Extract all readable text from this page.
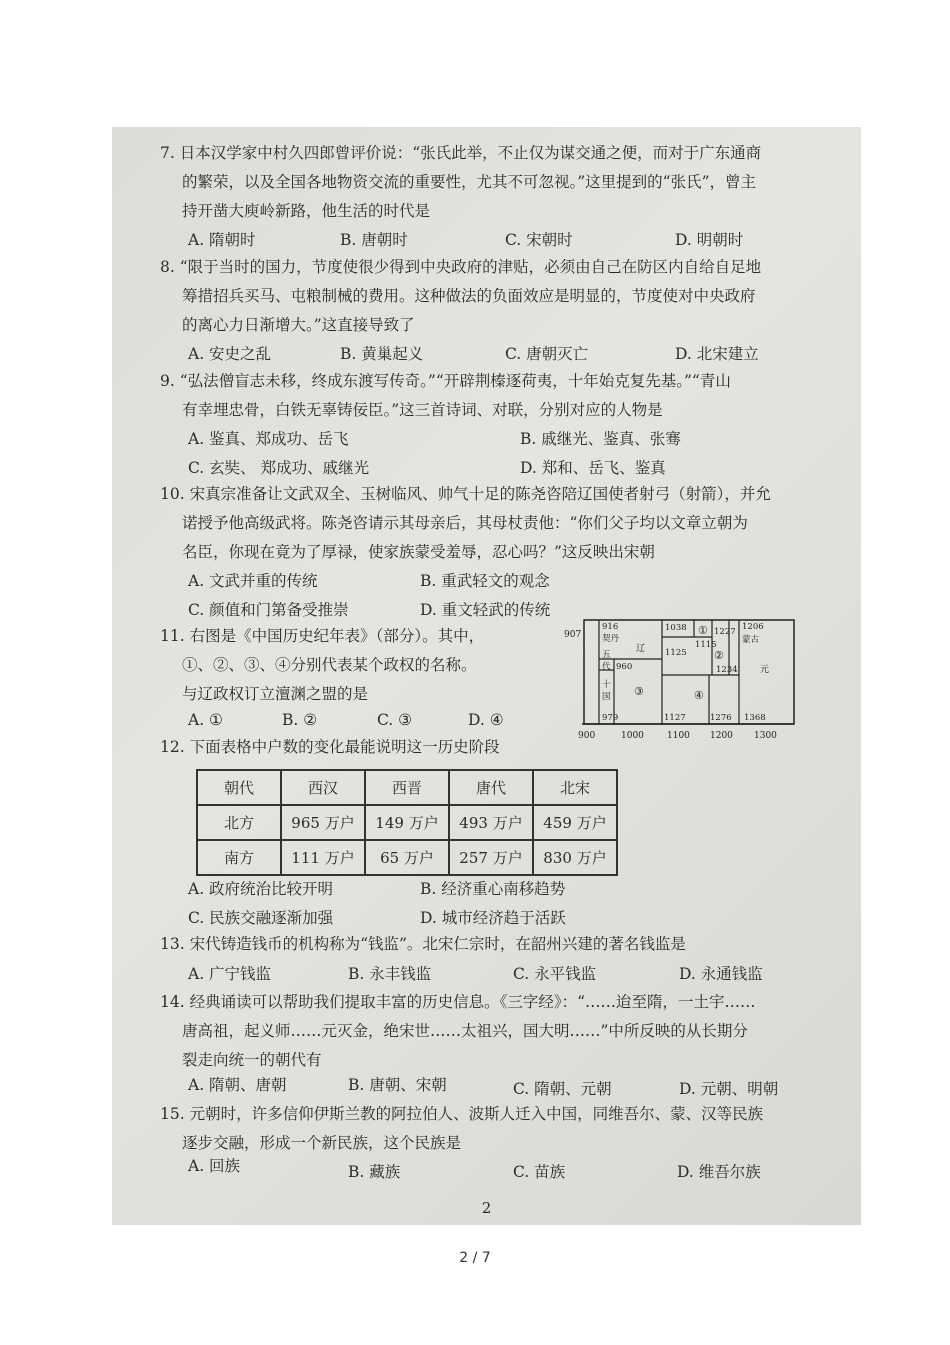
7. 日本汉学家中村久四郎曾评价说：“张氏此举，不止仅为谋交通之便，而对于广东通商
的繁荣，以及全国各地物资交流的重要性，尤其不可忽视。”这里提到的“张氏”，曾主
持开凿大庾岭新路，他生活的时代是
A. 隋朝时	B. 唐朝时	C. 宋朝时	D. 明朝时
8. “限于当时的国力，节度使很少得到中央政府的津贴，必须由自己在防区内自给自足地
筹措招兵买马、屯粮制械的费用。这种做法的负面效应是明显的，节度使对中央政府
的离心力日渐增大。”这直接导致了
A. 安史之乱	B. 黄巢起义	C. 唐朝灭亡	D. 北宋建立
9. “弘法僧盲志未移，终成东渡写传奇。”“开辟荆榛逐荷夷，十年始克复先基。”“青山
有幸埋忠骨，白铁无辜铸佞臣。”这三首诗词、对联，分别对应的人物是
A. 鉴真、郑成功、岳飞	B. 戚继光、鉴真、张骞
C. 玄奘、 郑成功、戚继光	D. 郑和、岳飞、鉴真
10. 宋真宗准备让文武双全、玉树临风、帅气十足的陈尧咨陪辽国使者射弓（射箭），并允
诺授予他高级武将。陈尧咨请示其母亲后，其母杖责他：“你们父子均以文章立朝为
名臣，你现在竟为了厚禄，使家族蒙受羞辱，忍心吗？”这反映出宋朝
A. 文武并重的传统	B. 重武轻文的观念
C. 颜值和门第备受推崇	D. 重文轻武的传统
11. 右图是《中国历史纪年表》（部分）。其中，
①、②、③、④分别代表某个政权的名称。
与辽政权订立澶渊之盟的是
A. ①	B. ②	C. ③	D. ④
907
916
契丹
1038 ① 1227 1206
蒙古
五
代
辽 1125
1115
②
960	1234 元
十
国 ③	④
979	1127	1276 1368
900	1000	1100 1200 1300
12. 下面表格中户数的变化最能说明这一历史阶段
朝代	西汉	西晋	唐代	北宋
北方	965 万户	149 万户	493 万户	459 万户
南方	111 万户	65 万户	257 万户	830 万户
A. 政府统治比较开明	B. 经济重心南移趋势
C. 民族交融逐渐加强	D. 城市经济趋于活跃
13. 宋代铸造钱币的机构称为“钱监”。北宋仁宗时，在韶州兴建的著名钱监是
A. 广宁钱监	B. 永丰钱监	C. 永平钱监	D. 永通钱监
14. 经典诵读可以帮助我们提取丰富的历史信息。《三字经》：“……迨至隋，一土宇……
唐高祖，起义师……元灭金，绝宋世……太祖兴，国大明……”中所反映的从长期分
裂走向统一的朝代有
A. 隋朝、唐朝	B. 唐朝、宋朝	C. 隋朝、元朝	D. 元朝、明朝
15. 元朝时，许多信仰伊斯兰教的阿拉伯人、波斯人迁入中国，同维吾尔、蒙、汉等民族
逐步交融，形成一个新民族，这个民族是
A. 回族	B. 藏族	C. 苗族	D. 维吾尔族
2
2 / 7
